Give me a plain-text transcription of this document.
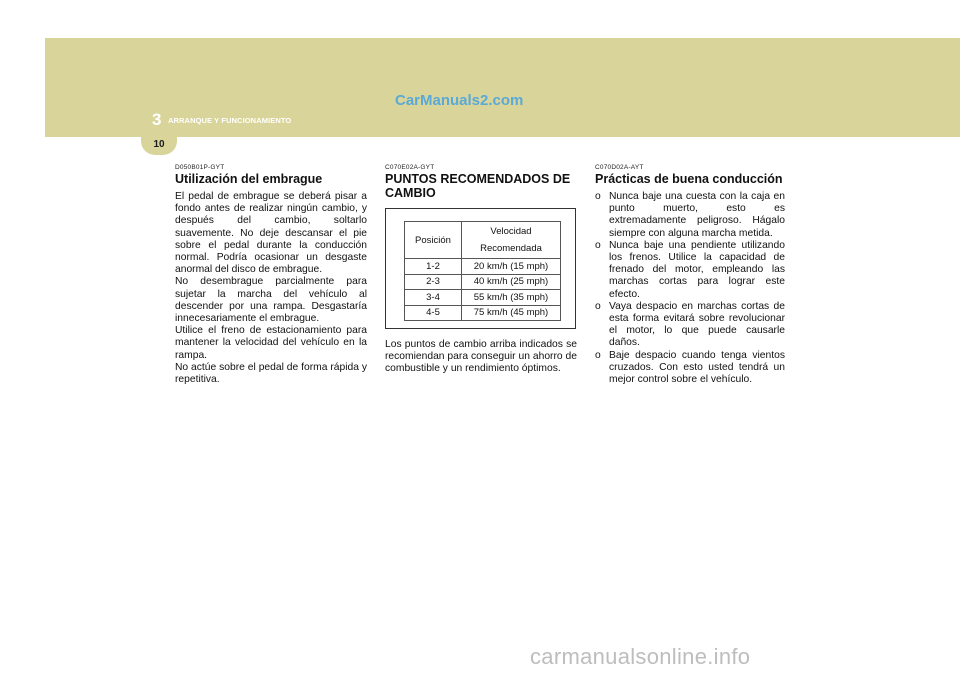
10
CarManuals2.com
3 ARRANQUE Y FUNCIONAMIENTO
D050B01P-GYT
Utilización del embrague

El pedal de embrague se deberá pisar a fondo antes de realizar ningún cambio, y después del cambio, soltarlo suavemente. No deje descansar el pie sobre el pedal durante la conducción normal. Podría ocasionar un desgaste anormal del disco de embrague.
No desembrague parcialmente para sujetar la marcha del vehículo al descender por una rampa. Desgastaría innecesariamente el embrague.
Utilice el freno de estacionamiento para mantener la velocidad del vehículo en la rampa.
No actúe sobre el pedal de forma rápida y repetitiva.

C070E02A-GYT
PUNTOS RECOMENDADOS DE CAMBIO
Posición	Velocidad
Recomendada

1-2	20 km/h (15 mph)
2-3	40 km/h (25 mph)
3-4	55 km/h (35 mph)
4-5	75 km/h (45 mph)

Los puntos de cambio arriba indicados se recomiendan para conseguir un ahorro de combustible y un rendimiento óptimos.

C070D02A-AYT
Prácticas de buena conducción
o Nunca baje una cuesta con la caja en punto muerto, esto es extremadamente peligroso. Hágalo siempre con alguna marcha metida.
o Nunca baje una pendiente utilizando los frenos. Utilice la capacidad de frenado del motor, empleando las marchas cortas para lograr este efecto.
o Vaya despacio en marchas cortas de esta forma evitará sobre revolucionar el motor, lo que puede causarle daños.
o Baje despacio cuando tenga vientos cruzados. Con esto usted tendrá un mejor control sobre el vehículo.
carmanualsonline.info
